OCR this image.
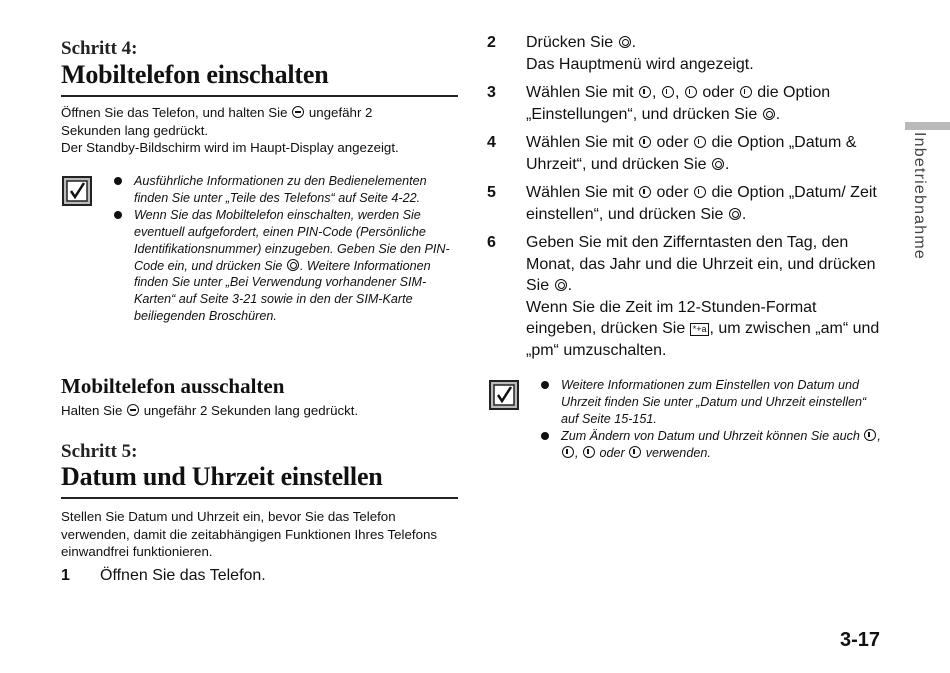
Schritt 4:
Mobiltelefon einschalten
Öffnen Sie das Telefon, und halten Sie ungefähr 2
Sekunden lang gedrückt.
Der Standby-Bildschirm wird im Haupt-Display angezeigt.
Ausführliche Informationen zu den Bedienelementen finden Sie unter „Teile des Telefons“ auf Seite 4-22.
Wenn Sie das Mobiltelefon einschalten, werden Sie eventuell aufgefordert, einen PIN-Code (Persönliche Identifikationsnummer) einzugeben. Geben Sie den PIN-Code ein, und drücken Sie . Weitere Informationen finden Sie unter „Bei Verwendung vorhandener SIM-Karten“ auf Seite 3-21 sowie in den der SIM-Karte beiliegenden Broschüren.
Mobiltelefon ausschalten
Halten Sie ungefähr 2 Sekunden lang gedrückt.
Schritt 5:
Datum und Uhrzeit einstellen
Stellen Sie Datum und Uhrzeit ein, bevor Sie das Telefon verwenden, damit die zeitabhängigen Funktionen Ihres Telefons einwandfrei funktionieren.
1 Öffnen Sie das Telefon.
2 Drücken Sie .
Das Hauptmenü wird angezeigt.
3 Wählen Sie mit , , oder die Option „Einstellungen“, und drücken Sie .
4 Wählen Sie mit oder die Option „Datum & Uhrzeit“, und drücken Sie .
5 Wählen Sie mit oder die Option „Datum/ Zeit einstellen“, und drücken Sie .
6 Geben Sie mit den Zifferntasten den Tag, den Monat, das Jahr und die Uhrzeit ein, und drücken Sie .
Wenn Sie die Zeit im 12-Stunden-Format eingeben, drücken Sie *+a , um zwischen „am“ und „pm“ umzuschalten.
Weitere Informationen zum Einstellen von Datum und Uhrzeit finden Sie unter „Datum und Uhrzeit einstellen“ auf Seite 15-151.
Zum Ändern von Datum und Uhrzeit können Sie auch , , oder verwenden.
Inbetriebnahme
3-17
